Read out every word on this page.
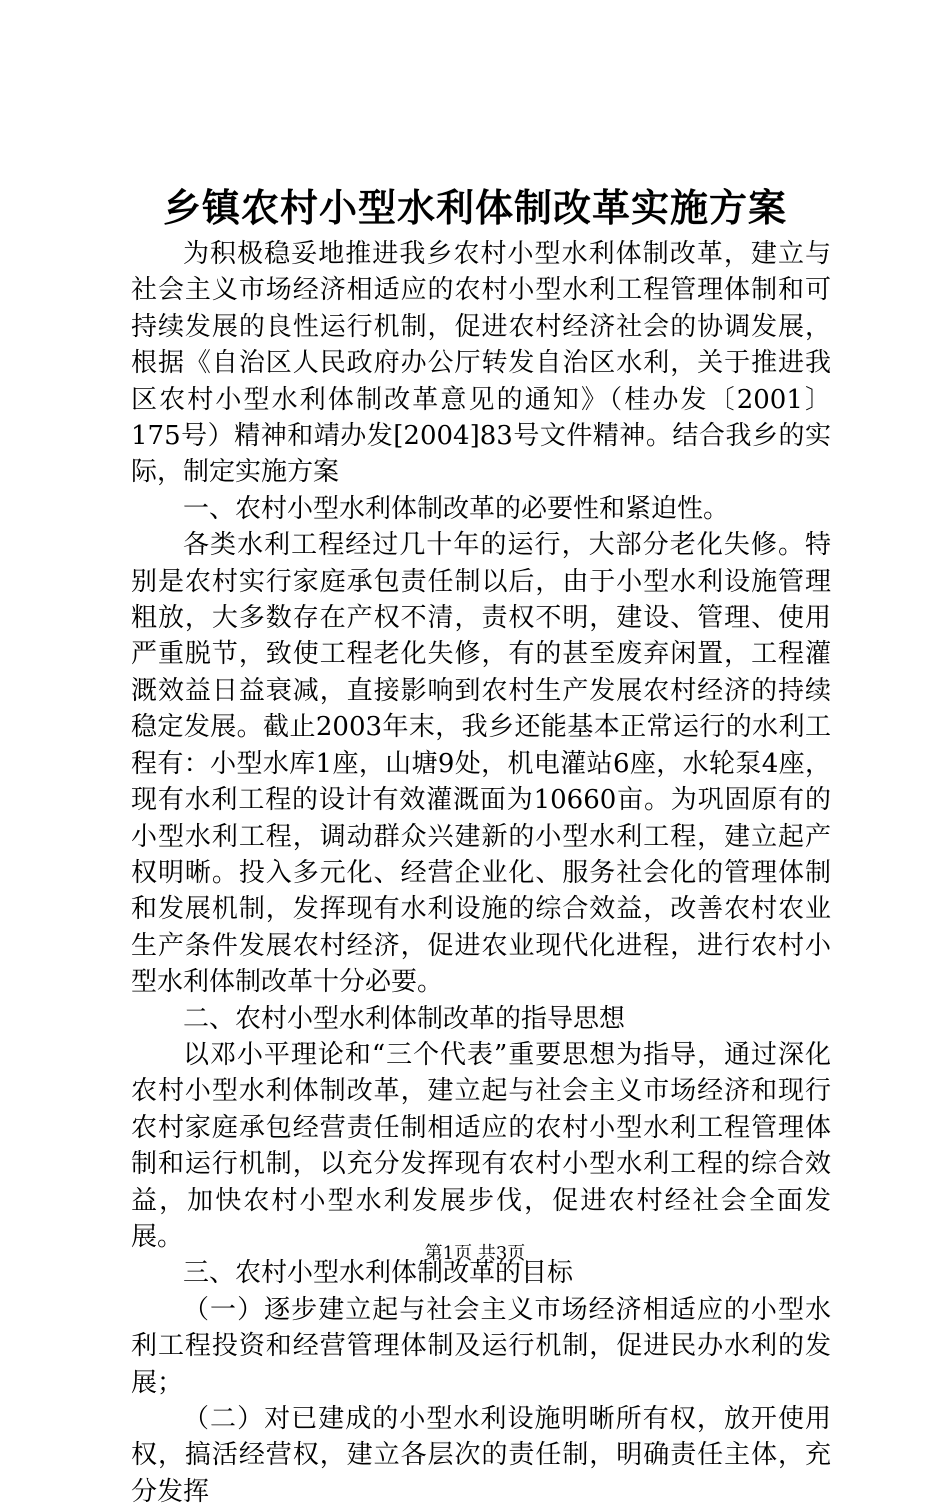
乡镇农村小型水利体制改革实施方案

为积极稳妥地推进我乡农村小型水利体制改革，建立与社会主义市场经济相适应的农村小型水利工程管理体制和可持续发展的良性运行机制，促进农村经济社会的协调发展，根据《自治区人民政府办公厅转发自治区水利，关于推进我区农村小型水利体制改革意见的通知》（桂办发〔2001〕175号）精神和靖办发[2004]83号文件精神。结合我乡的实际，制定实施方案

一、农村小型水利体制改革的必要性和紧迫性。

各类水利工程经过几十年的运行，大部分老化失修。特别是农村实行家庭承包责任制以后，由于小型水利设施管理粗放，大多数存在产权不清，责权不明，建设、管理、使用严重脱节，致使工程老化失修，有的甚至废弃闲置，工程灌溉效益日益衰减，直接影响到农村生产发展农村经济的持续稳定发展。截止2003年末，我乡还能基本正常运行的水利工程有：小型水库1座，山塘9处，机电灌站6座，水轮泵4座，现有水利工程的设计有效灌溉面为10660亩。为巩固原有的小型水利工程，调动群众兴建新的小型水利工程，建立起产权明晰。投入多元化、经营企业化、服务社会化的管理体制和发展机制，发挥现有水利设施的综合效益，改善农村农业生产条件发展农村经济，促进农业现代化进程，进行农村小型水利体制改革十分必要。

二、农村小型水利体制改革的指导思想

以邓小平理论和“三个代表”重要思想为指导，通过深化农村小型水利体制改革，建立起与社会主义市场经济和现行农村家庭承包经营责任制相适应的农村小型水利工程管理体制和运行机制，以充分发挥现有农村小型水利工程的综合效益，加快农村小型水利发展步伐，促进农村经社会全面发展。

三、农村小型水利体制改革的目标

（一）逐步建立起与社会主义市场经济相适应的小型水利工程投资和经营管理体制及运行机制，促进民办水利的发展；

（二）对已建成的小型水利设施明晰所有权，放开使用权，搞活经营权，建立各层次的责任制，明确责任主体，充分发挥

第1页 共3页
